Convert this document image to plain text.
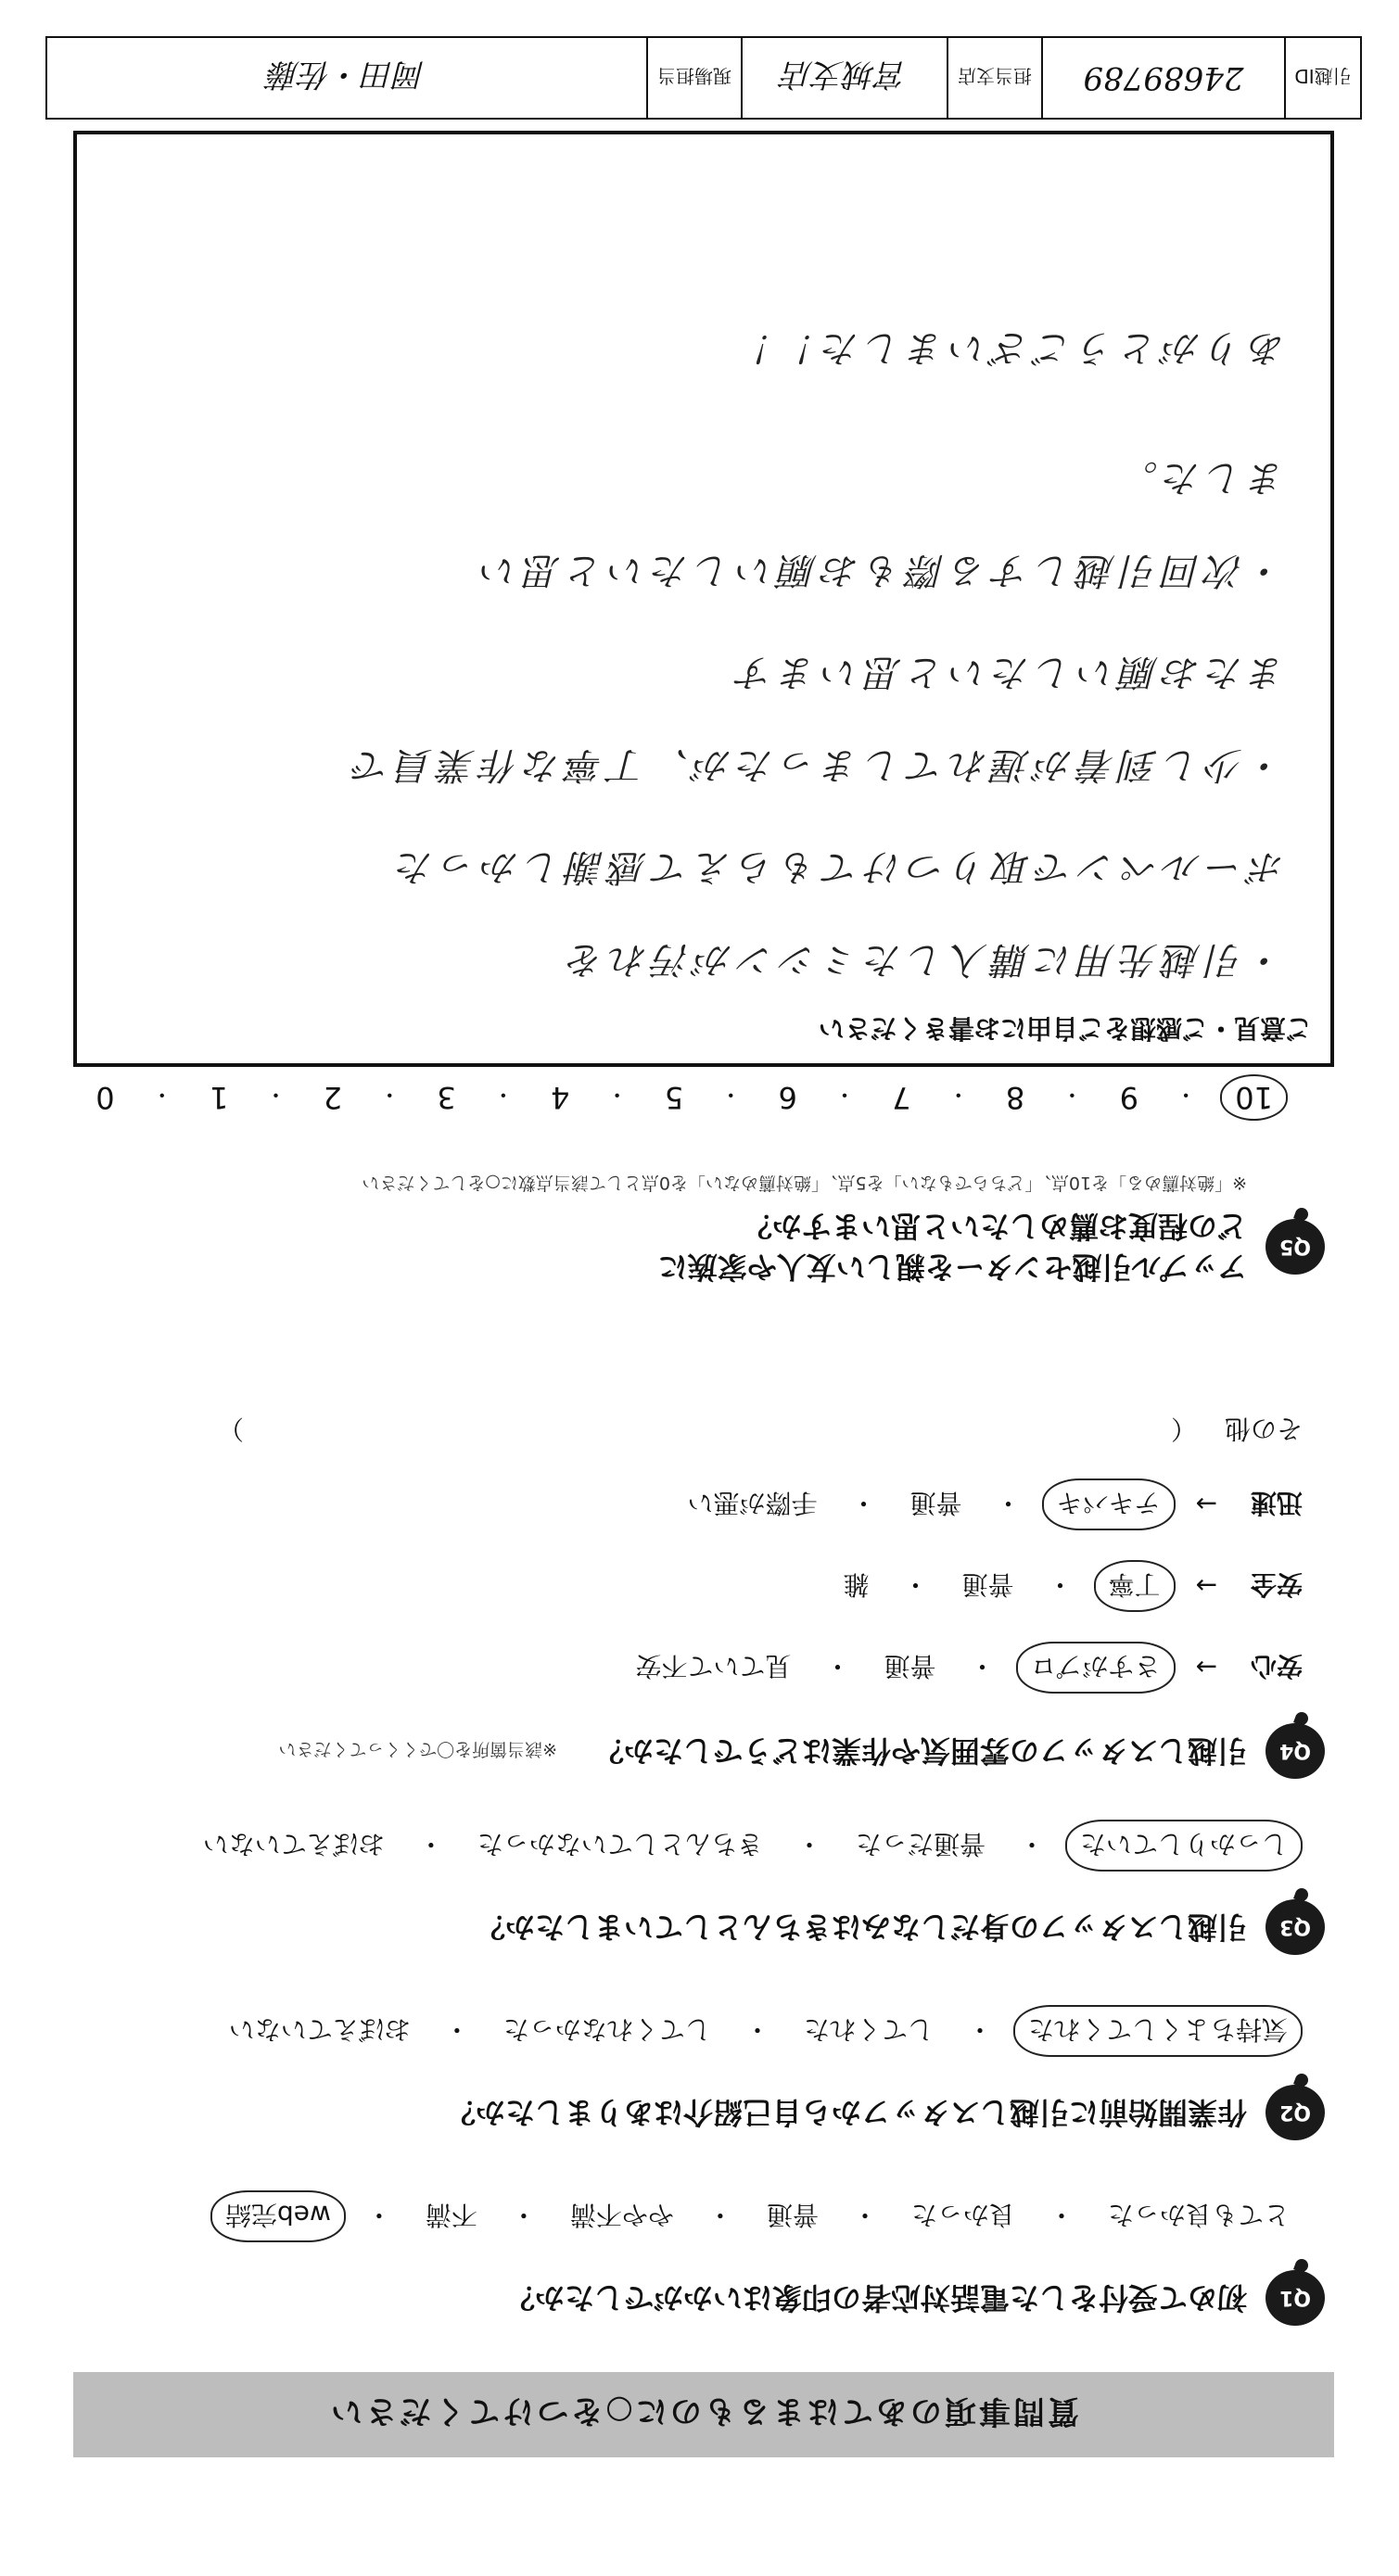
質問事項のあてはまるものに○をつけてください
Q1
初めて受付をした電話対応者の印象はいかがでしたか？
とても良かった
・
良かった
・
普通
・
やや不満
・
不満
・
web完結
Q2
作業開始前に引越しスタッフから自己紹介はありましたか？
気持ちよくしてくれた
・
してくれた
・
してくれなかった
・
おぼえていない
Q3
引越しスタッフの身だしなみはきちんとしていましたか？
しっかりしていた
・
普通だった
・
きちんとしていなかった
・
おぼえていない
Q4
引越しスタッフの雰囲気や作業はどうでしたか？
※該当箇所を〇でくくってください
安心
→
さすがプロ
・
普通
・
見ていて不安
安全
→
丁寧
・
普通
・
雑
迅速
→
テキパキ
・
普通
・
手際が悪い
その他
（
）
Q5
アップル引越センターを親しい友人や家族に
どの程度お薦めしたいと思いますか？
※「絶対薦める」を10点、「どちらでもない」を5点、「絶対薦めない」を0点として該当点数に○をしてください
10
・
9
・
8
・
7
・
6
・
5
・
4
・
3
・
2
・
1
・
0
ご意見・ご感想をご自由にお書きください
・引越先用に購入したミシンが汚れを
ボールペンで取りつけてもらえて感謝しかった
・少し到着が遅れてしまったが、丁寧な作業員で
またお願いしたいと思います
・次回引越しする際もお願いしたいと思い
ました。
ありがとうございました！！
引越ID
24689789
担当支店
宮城支店
現場担当
岡田・佐藤
